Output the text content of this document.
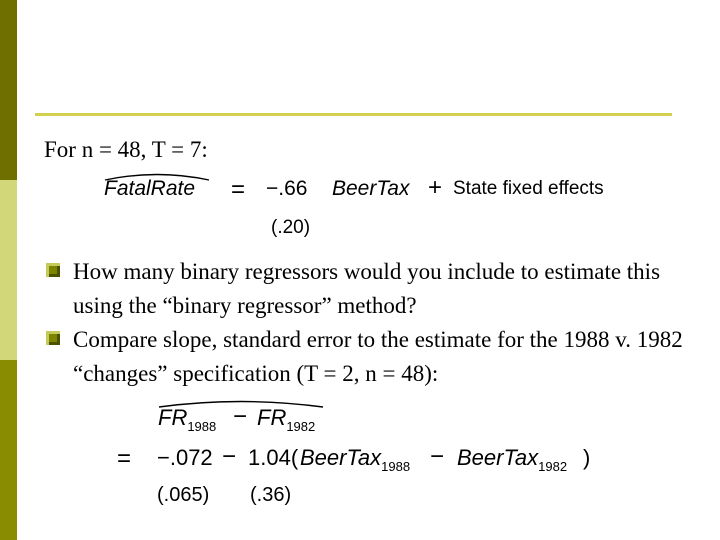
For n = 48, T = 7:
FatalRate = −.66 BeerTax + State fixed effects
(.20)
How many binary regressors would you include to estimate this using the “binary regressor” method?
Compare slope, standard error to the estimate for the 1988 v. 1982 “changes” specification (T = 2, n = 48):
$FR_{1988} - FR_{1982}$
= −.072 − 1.04( BeerTax$_{1988}$ − BeerTax$_{1982}$ )
(.065) (.36)
